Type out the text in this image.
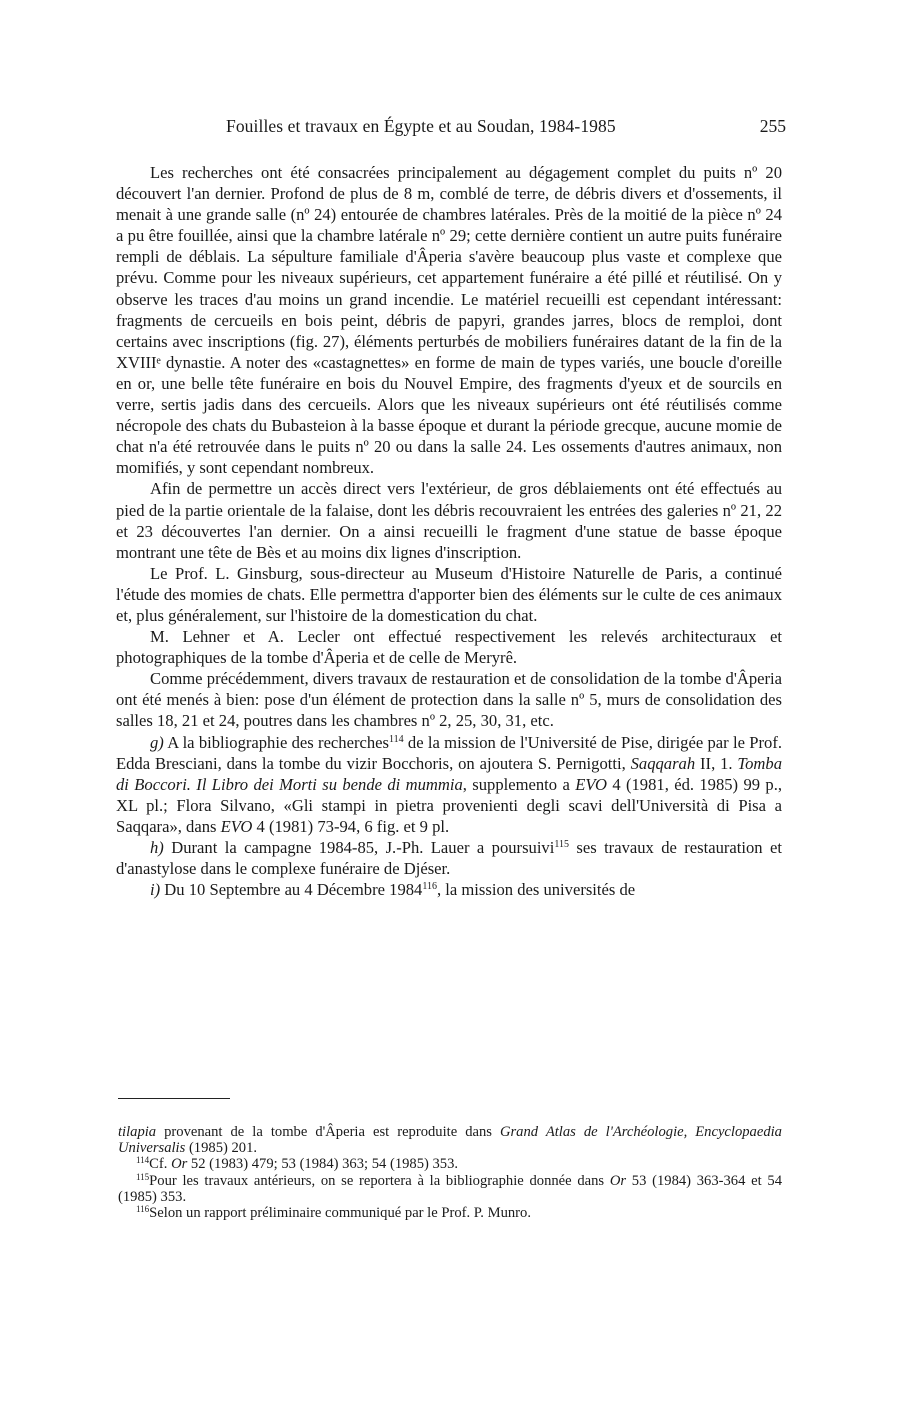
Fouilles et travaux en Égypte et au Soudan, 1984-1985	255

Les recherches ont été consacrées principalement au dégagement complet du puits nº 20 découvert l'an dernier. Profond de plus de 8 m, comblé de terre, de débris divers et d'ossements, il menait à une grande salle (nº 24) entourée de chambres latérales. Près de la moitié de la pièce nº 24 a pu être fouillée, ainsi que la chambre latérale nº 29; cette dernière contient un autre puits funéraire rempli de déblais. La sépulture familiale d'Âperia s'avère beaucoup plus vaste et complexe que prévu. Comme pour les niveaux supérieurs, cet appartement funéraire a été pillé et réutilisé. On y observe les traces d'au moins un grand incendie. Le matériel recueilli est cependant intéressant: fragments de cercueils en bois peint, débris de papyri, grandes jarres, blocs de remploi, dont certains avec inscriptions (fig. 27), éléments perturbés de mobiliers funéraires datant de la fin de la XVIIIᵉ dynastie. A noter des «castagnettes» en forme de main de types variés, une boucle d'oreille en or, une belle tête funéraire en bois du Nouvel Empire, des fragments d'yeux et de sourcils en verre, sertis jadis dans des cercueils. Alors que les niveaux supérieurs ont été réutilisés comme nécropole des chats du Bubasteion à la basse époque et durant la période grecque, aucune momie de chat n'a été retrouvée dans le puits nº 20 ou dans la salle 24. Les ossements d'autres animaux, non momifiés, y sont cependant nombreux.

Afin de permettre un accès direct vers l'extérieur, de gros déblaiements ont été effectués au pied de la partie orientale de la falaise, dont les débris recouvraient les entrées des galeries nº 21, 22 et 23 découvertes l'an dernier. On a ainsi recueilli le fragment d'une statue de basse époque montrant une tête de Bès et au moins dix lignes d'inscription.

Le Prof. L. Ginsburg, sous-directeur au Museum d'Histoire Naturelle de Paris, a continué l'étude des momies de chats. Elle permettra d'apporter bien des éléments sur le culte de ces animaux et, plus généralement, sur l'histoire de la domestication du chat.

M. Lehner et A. Lecler ont effectué respectivement les relevés architecturaux et photographiques de la tombe d'Âperia et de celle de Meryrê.

Comme précédemment, divers travaux de restauration et de consolidation de la tombe d'Âperia ont été menés à bien: pose d'un élément de protection dans la salle nº 5, murs de consolidation des salles 18, 21 et 24, poutres dans les chambres nº 2, 25, 30, 31, etc.

g) A la bibliographie des recherches$^{114}$ de la mission de l'Université de Pise, dirigée par le Prof. Edda Bresciani, dans la tombe du vizir Bocchoris, on ajoutera S. Pernigotti, Saqqarah II, 1. Tomba di Boccori. Il Libro dei Morti su bende di mummia, supplemento a EVO 4 (1981, éd. 1985) 99 p., XL pl.; Flora Silvano, «Gli stampi in pietra provenienti degli scavi dell'Università di Pisa a Saqqara», dans EVO 4 (1981) 73-94, 6 fig. et 9 pl.

h) Durant la campagne 1984-85, J.-Ph. Lauer a poursuivi$^{115}$ ses travaux de restauration et d'anastylose dans le complexe funéraire de Djéser.

i) Du 10 Septembre au 4 Décembre 1984$^{116}$, la mission des universités de

tilapia provenant de la tombe d'Âperia est reproduite dans Grand Atlas de l'Archéologie, Encyclopaedia Universalis (1985) 201.

$^{114}$Cf. Or 52 (1983) 479; 53 (1984) 363; 54 (1985) 353.

$^{115}$Pour les travaux antérieurs, on se reportera à la bibliographie donnée dans Or 53 (1984) 363-364 et 54 (1985) 353.

$^{116}$Selon un rapport préliminaire communiqué par le Prof. P. Munro.
